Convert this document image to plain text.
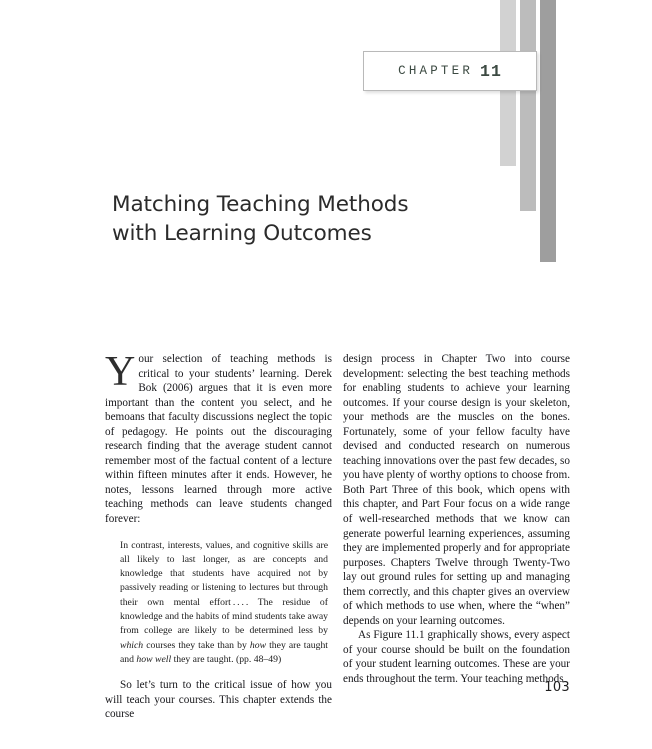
CHAPTER 11
Matching Teaching Methods
with Learning Outcomes

Your selection of teaching methods is critical to your students’ learning. Derek Bok (2006) argues that it is even more important than the content you select, and he bemoans that faculty discussions neglect the topic of pedagogy. He points out the discouraging research finding that the average student cannot remember most of the factual content of a lecture within fifteen minutes after it ends. However, he notes, lessons learned through more active teaching methods can leave students changed forever:

In contrast, interests, values, and cognitive skills are all likely to last longer, as are concepts and knowledge that students have acquired not by passively reading or listening to lectures but through their own mental effort . . . . The residue of knowledge and the habits of mind students take away from college are likely to be determined less by which courses they take than by how they are taught and how well they are taught. (pp. 48–49)

So let’s turn to the critical issue of how you will teach your courses. This chapter extends the course

design process in Chapter Two into course development: selecting the best teaching methods for enabling students to achieve your learning outcomes. If your course design is your skeleton, your methods are the muscles on the bones. Fortunately, some of your fellow faculty have devised and conducted research on numerous teaching innovations over the past few decades, so you have plenty of worthy options to choose from. Both Part Three of this book, which opens with this chapter, and Part Four focus on a wide range of well-researched methods that we know can generate powerful learning experiences, assuming they are implemented properly and for appropriate purposes. Chapters Twelve through Twenty-Two lay out ground rules for setting up and managing them correctly, and this chapter gives an overview of which methods to use when, where the “when” depends on your learning outcomes.

As Figure 11.1 graphically shows, every aspect of your course should be built on the foundation of your student learning outcomes. These are your ends throughout the term. Your teaching methods

103
